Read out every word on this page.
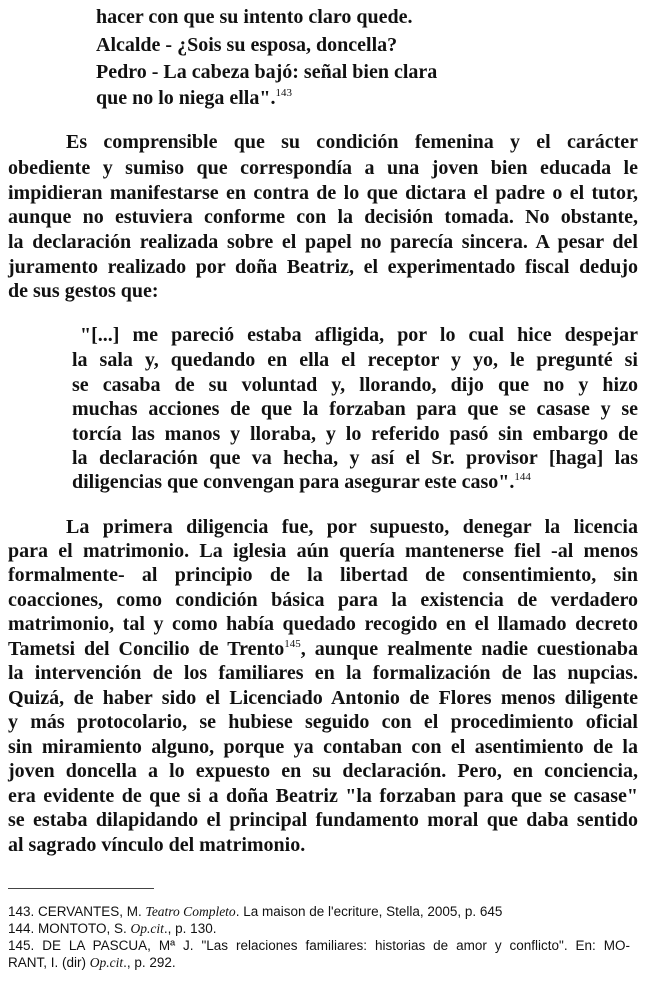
hacer con que su intento claro quede.
Alcalde - ¿Sois su esposa, doncella?
Pedro - La cabeza bajó: señal bien clara
que no lo niega ella".$^{143}$
Es comprensible que su condición femenina y el carácter
obediente y sumiso que correspondía a una joven bien educada le
impidieran manifestarse en contra de lo que dictara el padre o el tutor,
aunque no estuviera conforme con la decisión tomada. No obstante,
la declaración realizada sobre el papel no parecía sincera. A pesar del
juramento realizado por doña Beatriz, el experimentado fiscal dedujo
de sus gestos que:
"[...] me pareció estaba afligida, por lo cual hice despejar
la sala y, quedando en ella el receptor y yo, le pregunté si
se casaba de su voluntad y, llorando, dijo que no y hizo
muchas acciones de que la forzaban para que se casase y se
torcía las manos y lloraba, y lo referido pasó sin embargo de
la declaración que va hecha, y así el Sr. provisor [haga] las
diligencias que convengan para asegurar este caso".$^{144}$
La primera diligencia fue, por supuesto, denegar la licencia
para el matrimonio. La iglesia aún quería mantenerse fiel -al menos
formalmente- al principio de la libertad de consentimiento, sin
coacciones, como condición básica para la existencia de verdadero
matrimonio, tal y como había quedado recogido en el llamado decreto
Tametsi del Concilio de Trento$^{145}$, aunque realmente nadie cuestionaba
la intervención de los familiares en la formalización de las nupcias.
Quizá, de haber sido el Licenciado Antonio de Flores menos diligente
y más protocolario, se hubiese seguido con el procedimiento oficial
sin miramiento alguno, porque ya contaban con el asentimiento de la
joven doncella a lo expuesto en su declaración. Pero, en conciencia,
era evidente de que si a doña Beatriz "la forzaban para que se casase"
se estaba dilapidando el principal fundamento moral que daba sentido
al sagrado vínculo del matrimonio.
143. CERVANTES, M. Teatro Completo. La maison de l'ecriture, Stella, 2005, p. 645
144. MONTOTO, S. Op.cit., p. 130.
145. DE LA PASCUA, Mª J. "Las relaciones familiares: historias de amor y conflicto". En: MO-
RANT, I. (dir) Op.cit., p. 292.
